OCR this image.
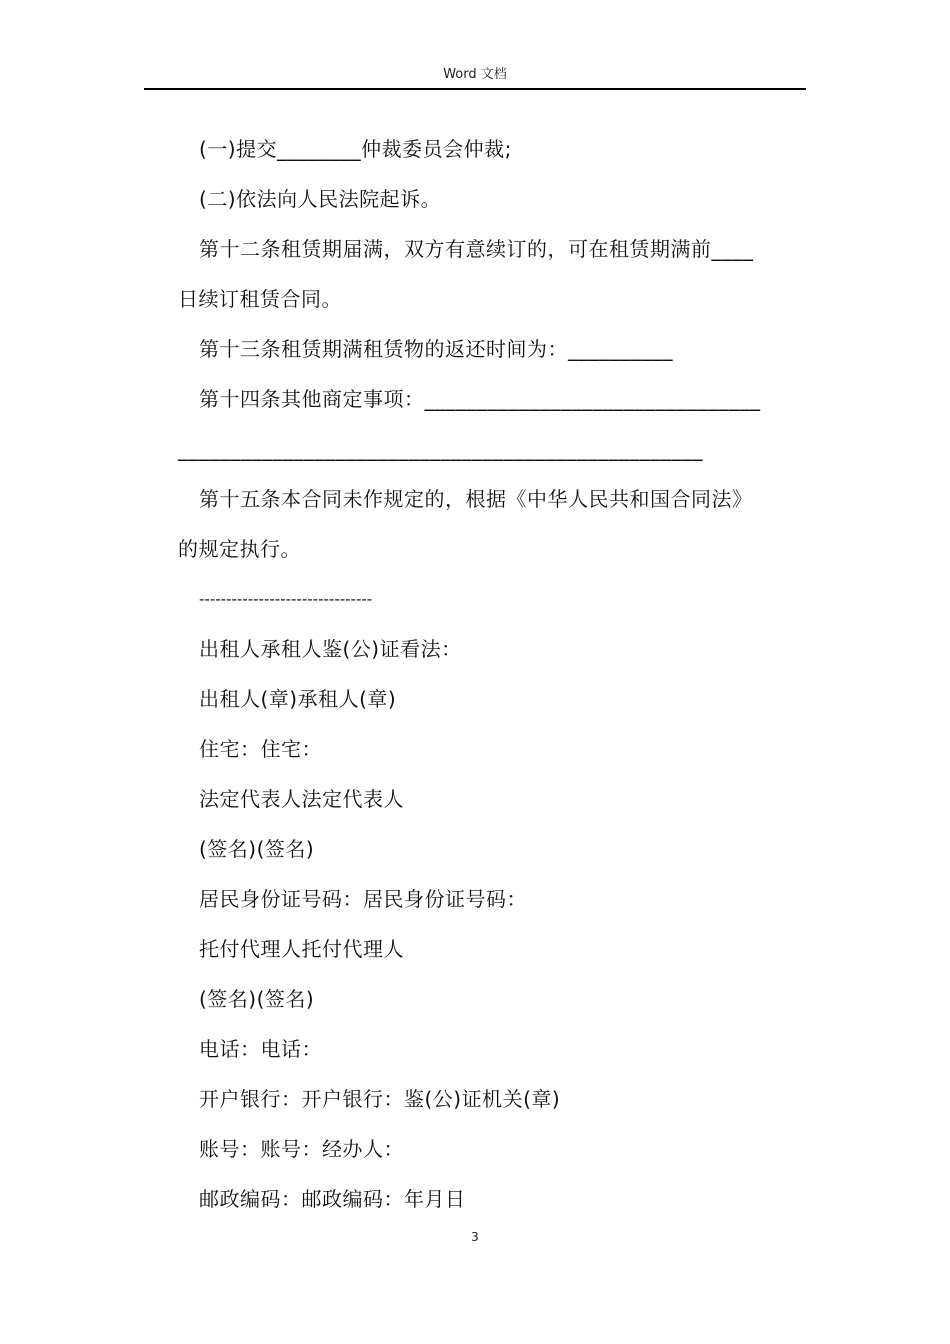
Word 文档
(一)提交________仲裁委员会仲裁;
(二)依法向人民法院起诉。
第十二条租赁期届满，双方有意续订的，可在租赁期满前____
日续订租赁合同。
第十三条租赁期满租赁物的返还时间为：__________
第十四条其他商定事项：________________________________
__________________________________________________
第十五条本合同未作规定的，根据《中华人民共和国合同法》
的规定执行。
--------------------------------
出租人承租人鉴(公)证看法：
出租人(章)承租人(章)
住宅：住宅：
法定代表人法定代表人
(签名)(签名)
居民身份证号码：居民身份证号码：
托付代理人托付代理人
(签名)(签名)
电话：电话：
开户银行：开户银行：鉴(公)证机关(章)
账号：账号：经办人：
邮政编码：邮政编码：年月日
3
